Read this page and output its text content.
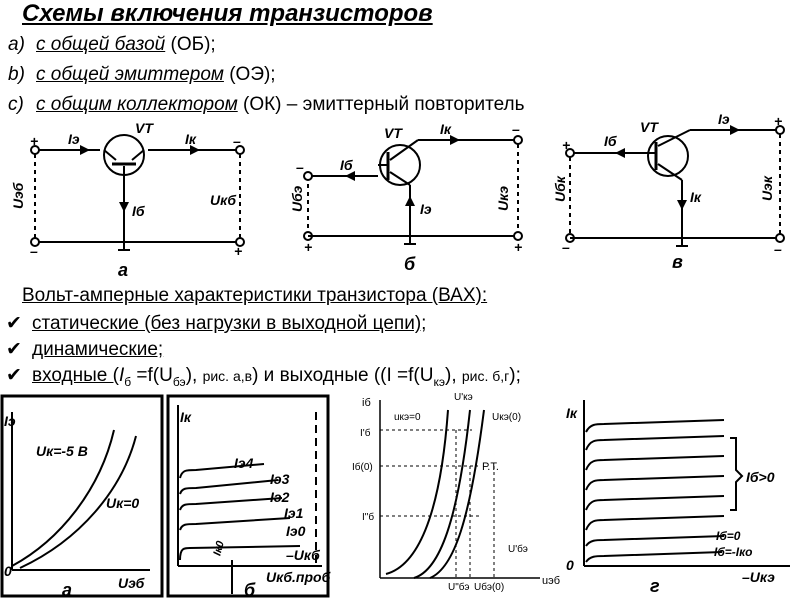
Схемы включения транзисторов
a) с общей базой (ОБ);
b) с общей эмиттером (ОЭ);
c) с общим коллектором (ОК) – эмиттерный повторитель
+	–
–	+
Iэ
VT
Iк
Iб
Uкб
Uэб
а
–
+
–
+
Iб
VT	Iк
Iэ
Uбэ	Uкэ
б
+
–
+
–
Iб
VT	Iэ
Iк
Uбк	Uэк
в
Вольт-амперные характеристики транзистора (ВАХ):
✔ статические (без нагрузки в выходной цепи);
✔ динамические;
✔ входные ($I_б =f(U_{бэ})$, рис. а,в) и выходные (($I =f(U_{кэ})$, рис. б,г);
Iэ
Uк=-5 В
Uк=0
0
Uэб
а
Iк
Iэ4
Iэ3
Iэ2
Iэ1
Iэ0
Iк0	–Uкб
б
Uкб.проб
iб
uкэ=0
U'кэ
Uкэ(0)
I'б
Iб(0)	Р.Т.
I"б
U'бэ
U"бэ Uбэ(0)
uэб
Iк
Iб>0
Iб=0
Iб=-Iко
0
–Uкэ
г
